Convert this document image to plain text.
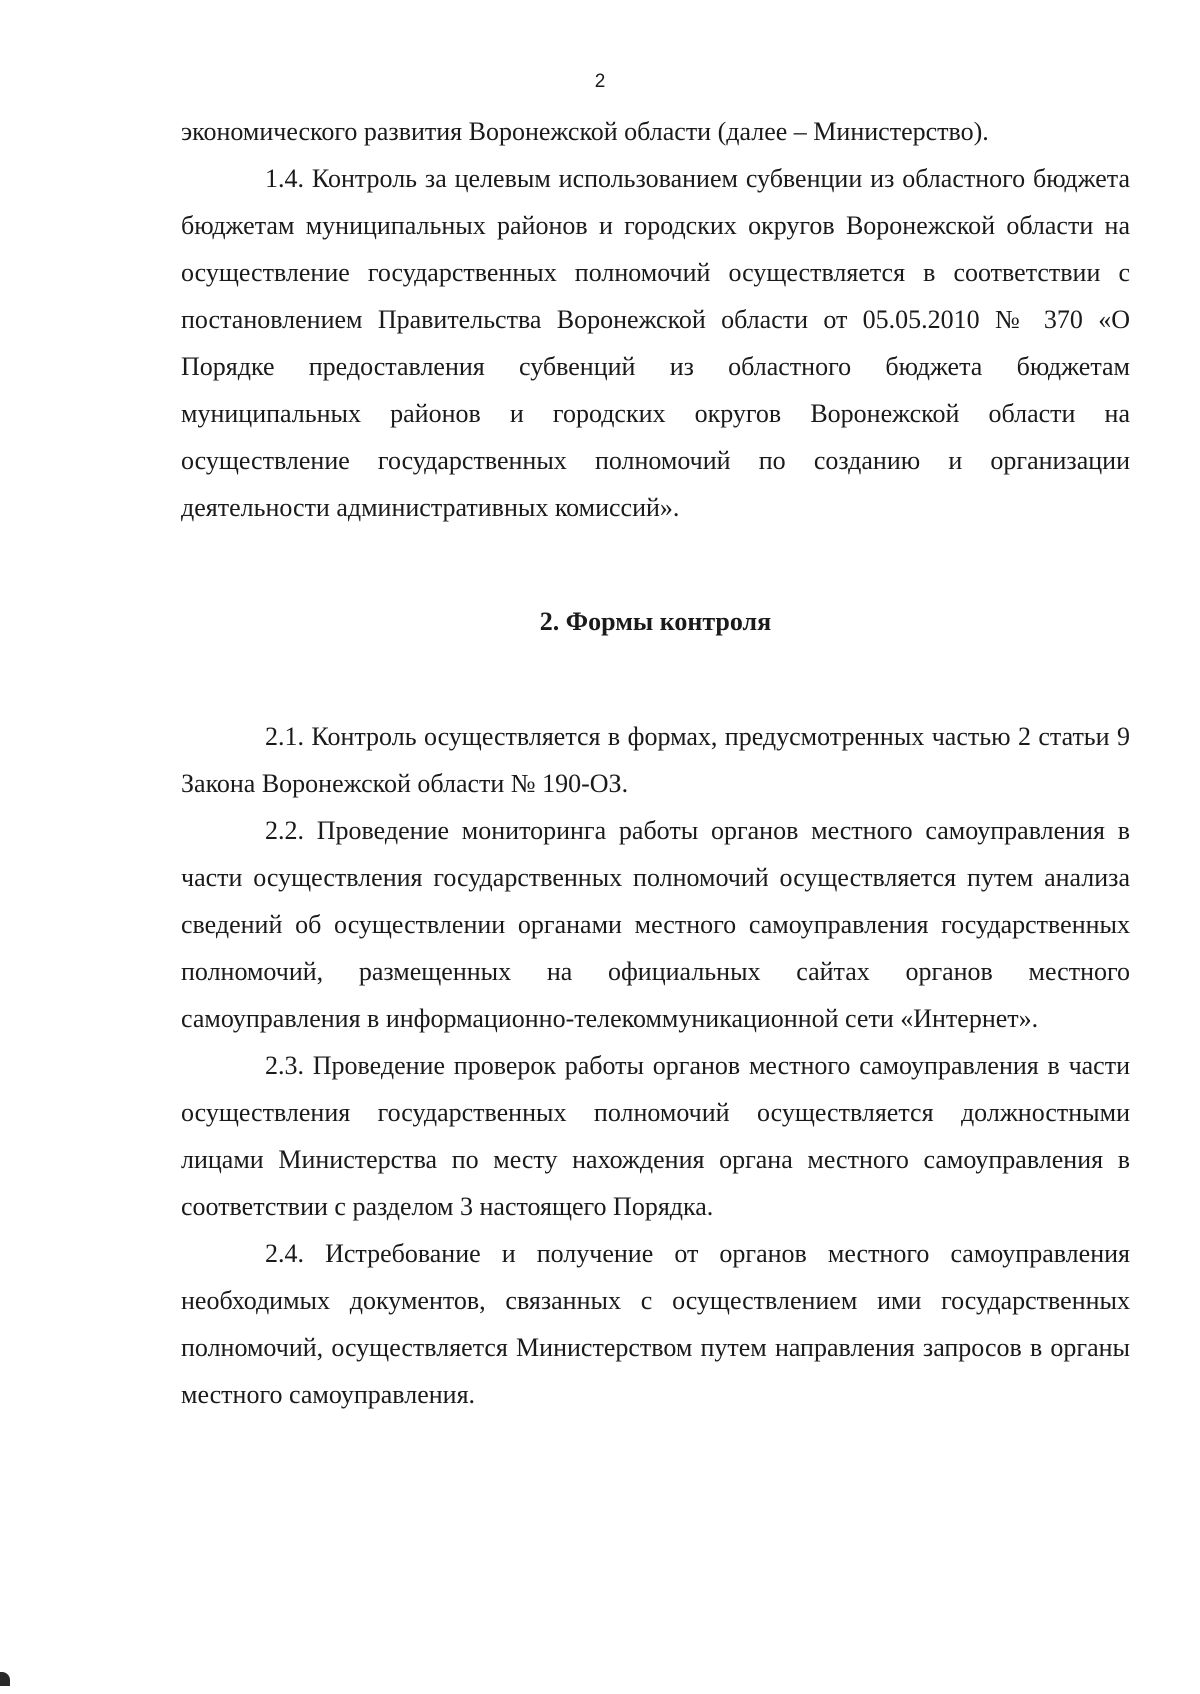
2

экономического развития Воронежской области (далее – Министерство).

1.4. Контроль за целевым использованием субвенции из областного бюджета бюджетам муниципальных районов и городских округов Воронежской области на осуществление государственных полномочий осуществляется в соответствии с постановлением Правительства Воронежской области от 05.05.2010 № 370 «О Порядке предоставления субвенций из областного бюджета бюджетам муниципальных районов и городских округов Воронежской области на осуществление государственных полномочий по созданию и организации деятельности административных комиссий».

2. Формы контроля

2.1. Контроль осуществляется в формах, предусмотренных частью 2 статьи 9 Закона Воронежской области № 190-ОЗ.

2.2. Проведение мониторинга работы органов местного самоуправления в части осуществления государственных полномочий осуществляется путем анализа сведений об осуществлении органами местного самоуправления государственных полномочий, размещенных на официальных сайтах органов местного самоуправления в информационно-телекоммуникационной сети «Интернет».

2.3. Проведение проверок работы органов местного самоуправления в части осуществления государственных полномочий осуществляется должностными лицами Министерства по месту нахождения органа местного самоуправления в соответствии с разделом 3 настоящего Порядка.

2.4. Истребование и получение от органов местного самоуправления необходимых документов, связанных с осуществлением ими государственных полномочий, осуществляется Министерством путем направления запросов в органы местного самоуправления.
